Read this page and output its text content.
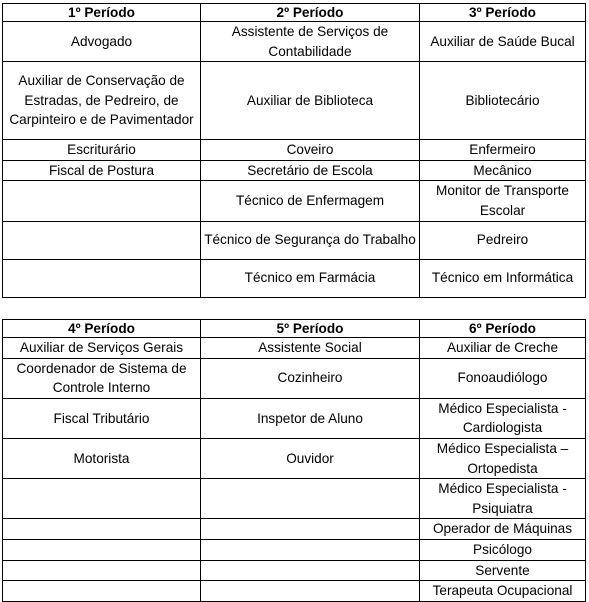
1º Período	2º Período	3º Período
Advogado	Assistente de Serviços de Contabilidade	Auxiliar de Saúde Bucal
Auxiliar de Conservação de Estradas, de Pedreiro, de Carpinteiro e de Pavimentador	Auxiliar de Biblioteca	Bibliotecário
Escriturário	Coveiro	Enfermeiro
Fiscal de Postura	Secretário de Escola	Mecânico
	Técnico de Enfermagem	Monitor de Transporte Escolar
	Técnico de Segurança do Trabalho	Pedreiro
	Técnico em Farmácia	Técnico em Informática
4º Período	5º Período	6º Período
Auxiliar de Serviços Gerais	Assistente Social	Auxiliar de Creche
Coordenador de Sistema de Controle Interno	Cozinheiro	Fonoaudiólogo
Fiscal Tributário	Inspetor de Aluno	Médico Especialista - Cardiologista
Motorista	Ouvidor	Médico Especialista – Ortopedista
		Médico Especialista - Psiquiatra
		Operador de Máquinas
		Psicólogo
		Servente
		Terapeuta Ocupacional
